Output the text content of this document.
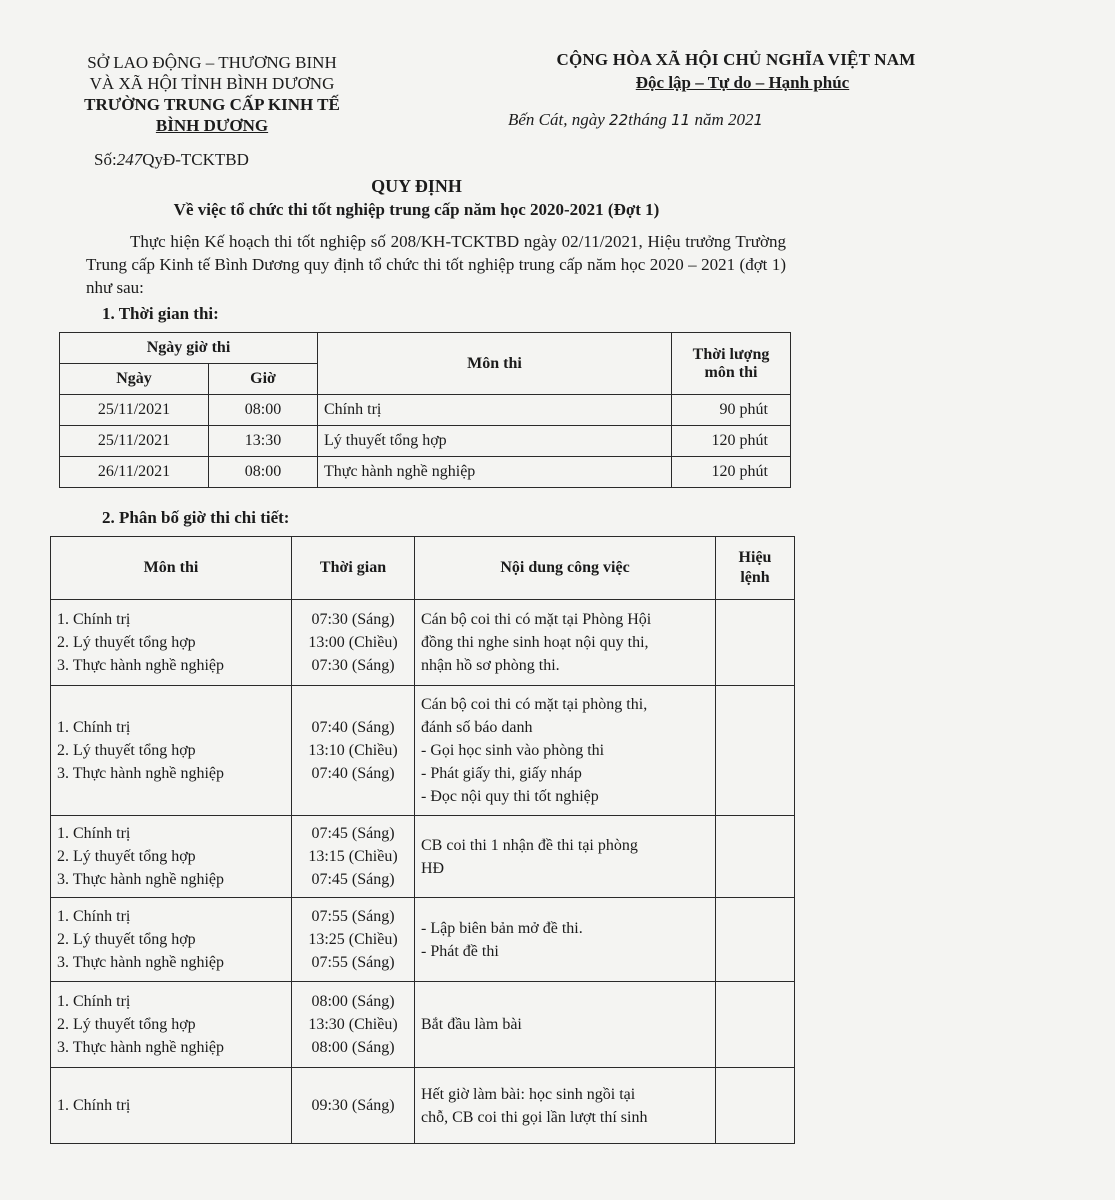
SỞ LAO ĐỘNG – THƯƠNG BINH
VÀ XÃ HỘI TỈNH BÌNH DƯƠNG
TRƯỜNG TRUNG CẤP KINH TẾ
BÌNH DƯƠNG
Số:247QyĐ-TCKTBD
CỘNG HÒA XÃ HỘI CHỦ NGHĨA VIỆT NAM
Độc lập – Tự do – Hạnh phúc
Bến Cát, ngày 22tháng 11 năm 2021
QUY ĐỊNH
Về việc tổ chức thi tốt nghiệp trung cấp năm học 2020-2021 (Đợt 1)
Thực hiện Kế hoạch thi tốt nghiệp số 208/KH-TCKTBD ngày 02/11/2021, Hiệu trưởng Trường Trung cấp Kinh tế Bình Dương quy định tổ chức thi tốt nghiệp trung cấp năm học 2020 – 2021 (đợt 1) như sau:
1. Thời gian thi:
Ngày giờ thi		Môn thi	Thời lượng môn thi
Ngày	Giờ		
25/11/2021	08:00	Chính trị	90 phút
25/11/2021	13:30	Lý thuyết tổng hợp	120 phút
26/11/2021	08:00	Thực hành nghề nghiệp	120 phút
2. Phân bố giờ thi chi tiết:
Môn thi	Thời gian	Nội dung công việc	Hiệu lệnh

1. Chính trị
2. Lý thuyết tổng hợp
3. Thực hành nghề nghiệp	07:30 (Sáng)
13:00 (Chiều)
07:30 (Sáng)	Cán bộ coi thi có mặt tại Phòng Hội
đồng thi nghe sinh hoạt nội quy thi,
nhận hồ sơ phòng thi.	

1. Chính trị
2. Lý thuyết tổng hợp
3. Thực hành nghề nghiệp	07:40 (Sáng)
13:10 (Chiều)
07:40 (Sáng)	Cán bộ coi thi có mặt tại phòng thi,
đánh số báo danh
- Gọi học sinh vào phòng thi
- Phát giấy thi, giấy nháp
- Đọc nội quy thi tốt nghiệp	

1. Chính trị
2. Lý thuyết tổng hợp
3. Thực hành nghề nghiệp	07:45 (Sáng)
13:15 (Chiều)
07:45 (Sáng)	CB coi thi 1 nhận đề thi tại phòng
HĐ	

1. Chính trị
2. Lý thuyết tổng hợp
3. Thực hành nghề nghiệp	07:55 (Sáng)
13:25 (Chiều)
07:55 (Sáng)	- Lập biên bản mở đề thi.
- Phát đề thi	

1. Chính trị
2. Lý thuyết tổng hợp
3. Thực hành nghề nghiệp	08:00 (Sáng)
13:30 (Chiều)
08:00 (Sáng)	Bắt đầu làm bài	

1. Chính trị	09:30 (Sáng)	Hết giờ làm bài: học sinh ngồi tại
chỗ, CB coi thi gọi lần lượt thí sinh	
